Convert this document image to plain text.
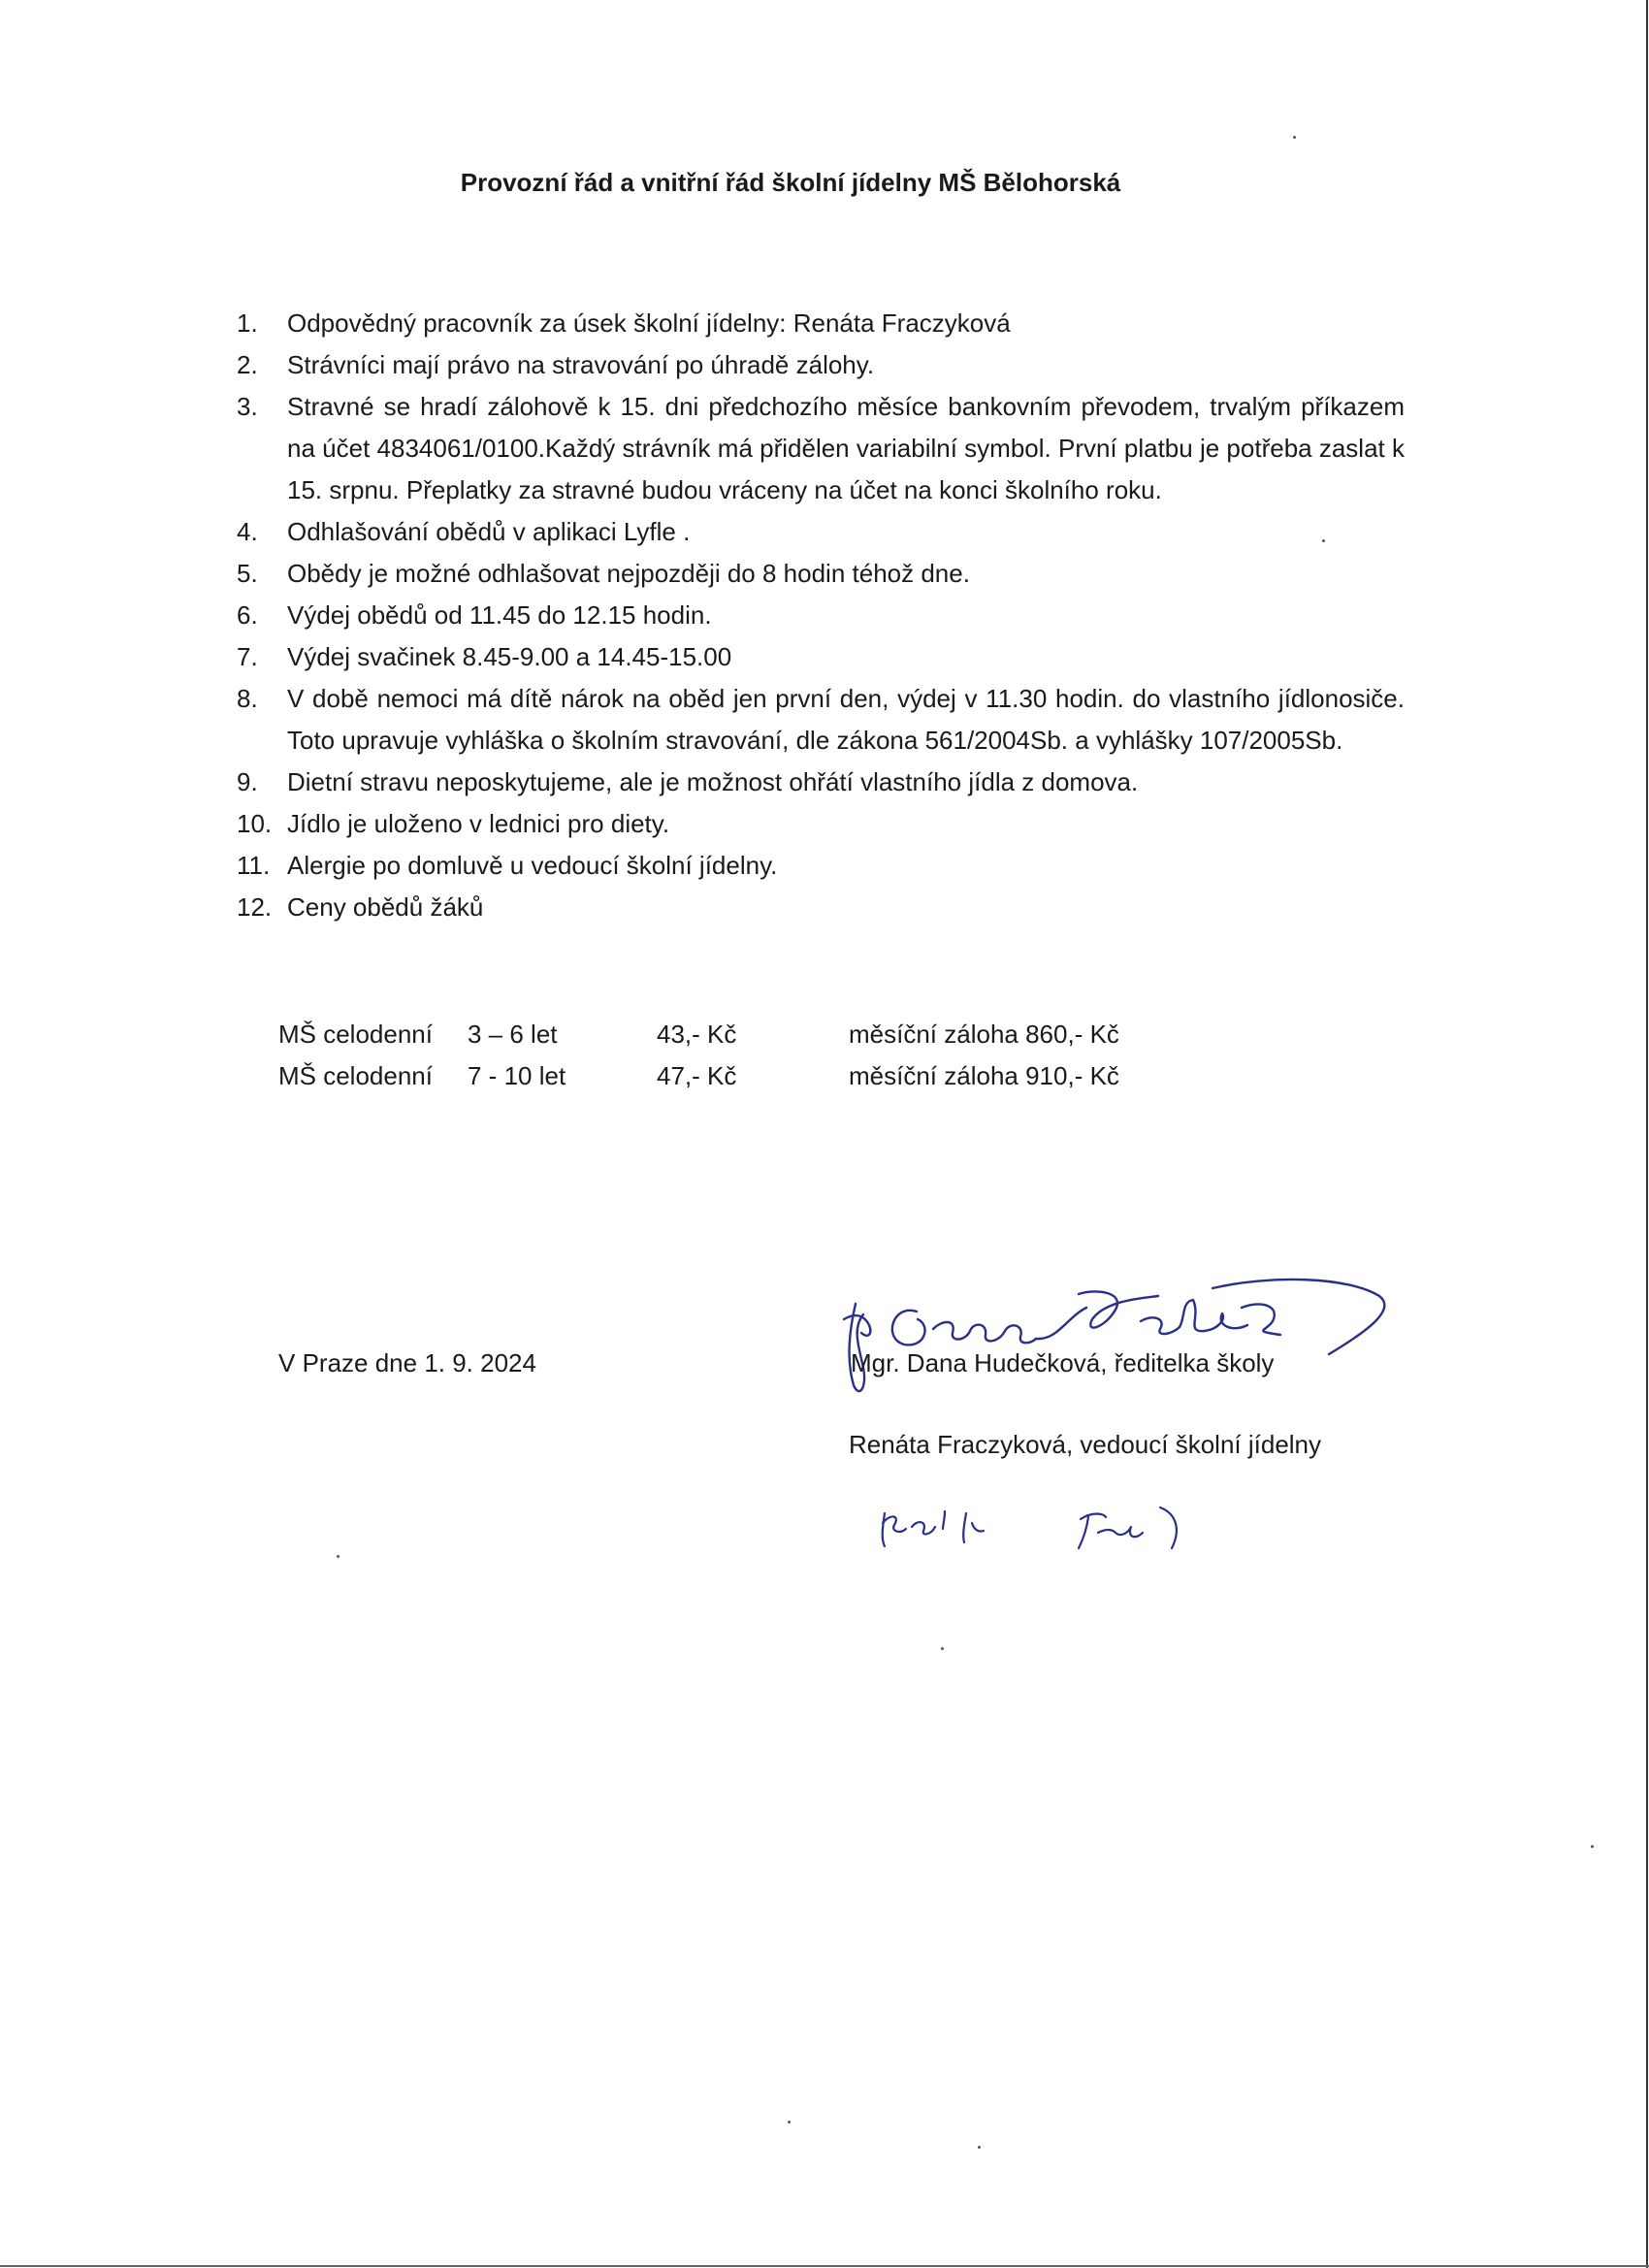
Provozní řád a vnitřní řád školní jídelny MŠ Bělohorská
1. Odpovědný pracovník za úsek školní jídelny: Renáta Fraczyková
2. Strávníci mají právo na stravování po úhradě zálohy.
3. Stravné se hradí zálohově k 15. dni předchozího měsíce bankovním převodem, trvalým příkazem na účet 4834061/0100.Každý strávník má přidělen variabilní symbol. První platbu je potřeba zaslat k 15. srpnu. Přeplatky za stravné budou vráceny na účet na konci školního roku.
4. Odhlašování obědů v aplikaci Lyfle .
5. Obědy je možné odhlašovat nejpozději do 8 hodin téhož dne.
6. Výdej obědů od 11.45 do 12.15 hodin.
7. Výdej svačinek 8.45-9.00 a 14.45-15.00
8. V době nemoci má dítě nárok na oběd jen první den, výdej v 11.30 hodin. do vlastního jídlonosiče. Toto upravuje vyhláška o školním stravování, dle zákona 561/2004Sb. a vyhlášky 107/2005Sb.
9. Dietní stravu neposkytujeme, ale je možnost ohřátí vlastního jídla z domova.
10. Jídlo je uloženo v lednici pro diety.
11. Alergie po domluvě u vedoucí školní jídelny.
12. Ceny obědů žáků
MŠ celodenní 3 – 6 let	43,- Kč	měsíční záloha 860,- Kč
MŠ celodenní 7 - 10 let	47,- Kč	měsíční záloha 910,- Kč
V Praze dne 1. 9. 2024	Mgr. Dana Hudečková, ředitelka školy
Renáta Fraczyková, vedoucí školní jídelny
